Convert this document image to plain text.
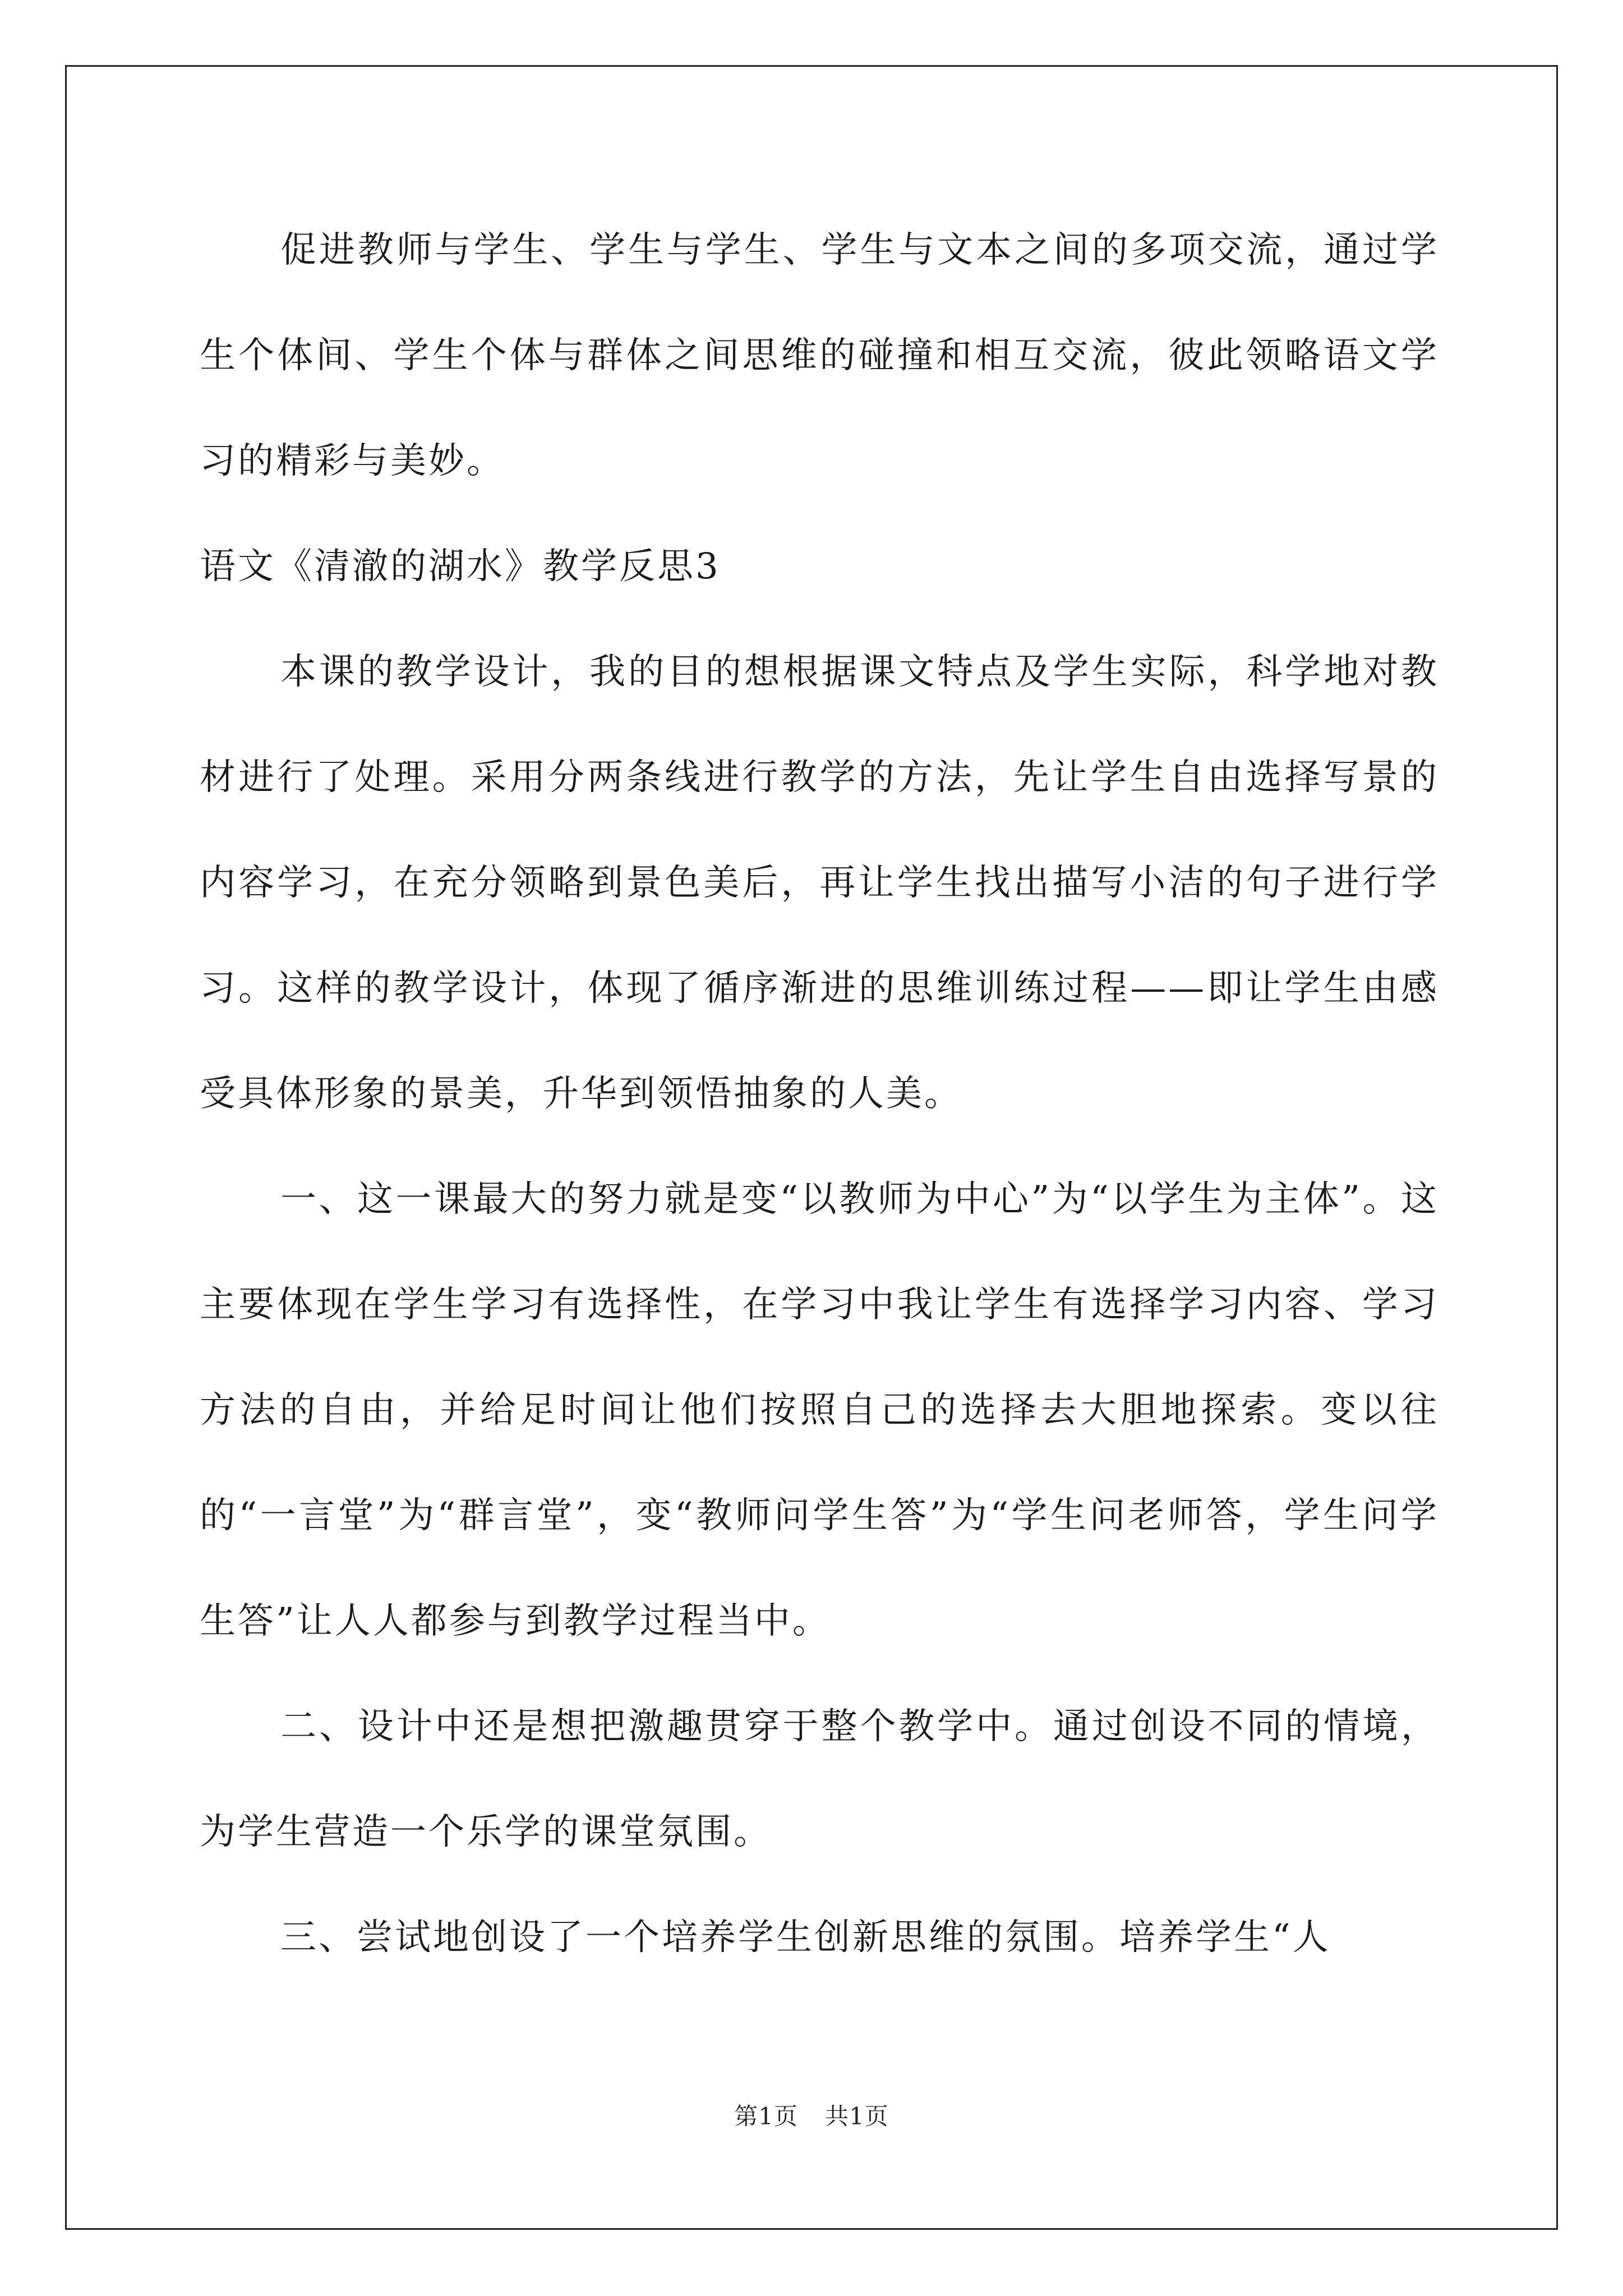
促进教师与学生、学生与学生、学生与文本之间的多项交流，通过学生个体间、学生个体与群体之间思维的碰撞和相互交流，彼此领略语文学习的精彩与美妙。

语文《清澈的湖水》教学反思3

本课的教学设计，我的目的想根据课文特点及学生实际，科学地对教材进行了处理。采用分两条线进行教学的方法，先让学生自由选择写景的内容学习，在充分领略到景色美后，再让学生找出描写小洁的句子进行学习。这样的教学设计，体现了循序渐进的思维训练过程——即让学生由感受具体形象的景美，升华到领悟抽象的人美。

一、这一课最大的努力就是变“以教师为中心”为“以学生为主体”。这主要体现在学生学习有选择性，在学习中我让学生有选择学习内容、学习方法的自由，并给足时间让他们按照自己的选择去大胆地探索。变以往的“一言堂”为“群言堂”，变“教师问学生答”为“学生问老师答，学生问学生答”让人人都参与到教学过程当中。

二、设计中还是想把激趣贯穿于整个教学中。通过创设不同的情境，为学生营造一个乐学的课堂氛围。

三、尝试地创设了一个培养学生创新思维的氛围。培养学生“人

第1页 共1页
